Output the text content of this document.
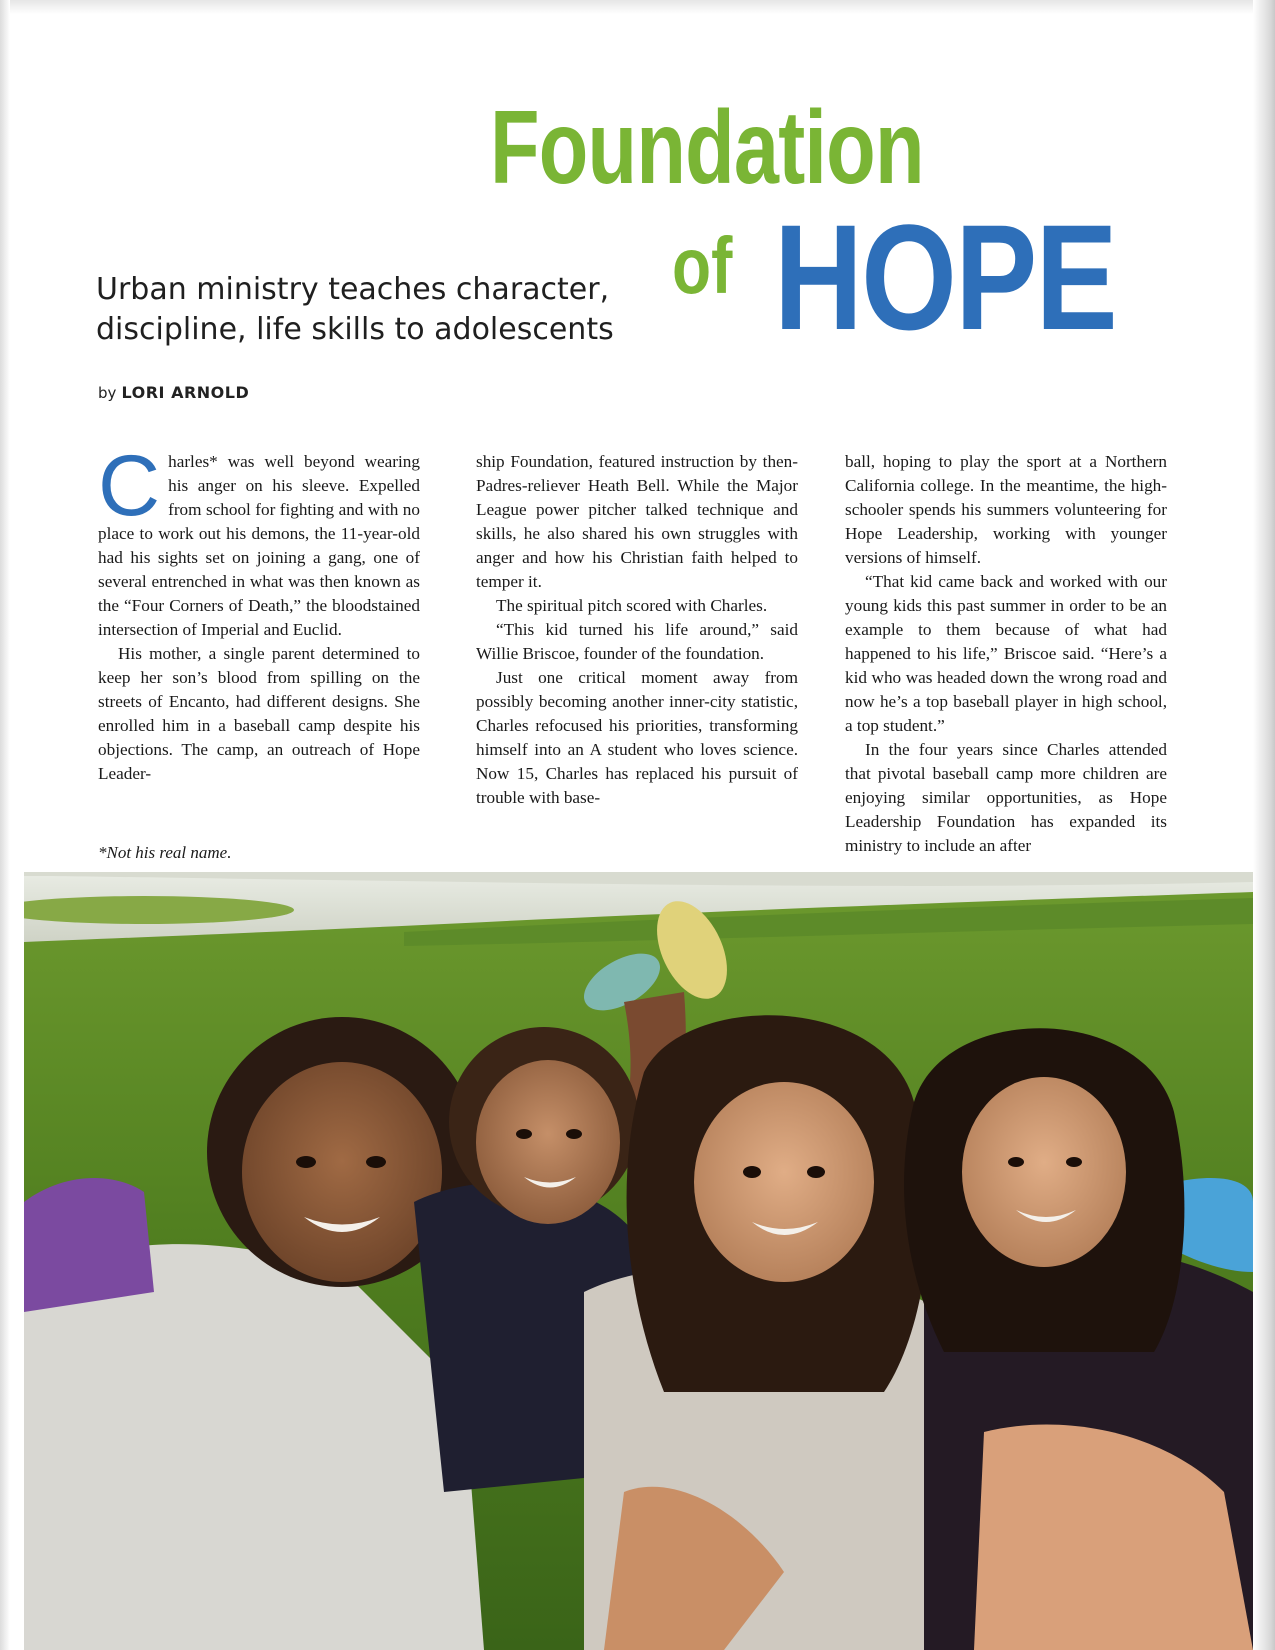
Foundation
of HOPE
Urban ministry teaches character, discipline, life skills to adolescents
by LORI ARNOLD

Charles* was well beyond wearing his anger on his sleeve. Expelled from school for fighting and with no place to work out his demons, the 11-year-old had his sights set on joining a gang, one of several entrenched in what was then known as the “Four Corners of Death,” the bloodstained intersection of Imperial and Euclid.

His mother, a single parent determined to keep her son’s blood from spilling on the streets of Encanto, had different designs. She enrolled him in a baseball camp despite his objections. The camp, an outreach of Hope Leader-

ship Foundation, featured instruction by then-Padres-reliever Heath Bell. While the Major League power pitcher talked technique and skills, he also shared his own struggles with anger and how his Christian faith helped to temper it.

The spiritual pitch scored with Charles.

“This kid turned his life around,” said Willie Briscoe, founder of the foundation.

Just one critical moment away from possibly becoming another inner-city statistic, Charles refocused his priorities, transforming himself into an A student who loves science. Now 15, Charles has replaced his pursuit of trouble with base-

ball, hoping to play the sport at a Northern California college. In the meantime, the high-schooler spends his summers volunteering for Hope Leadership, working with younger versions of himself.

“That kid came back and worked with our young kids this past summer in order to be an example to them because of what had happened to his life,” Briscoe said. “Here’s a kid who was headed down the wrong road and now he’s a top baseball player in high school, a top student.”

In the four years since Charles attended that pivotal baseball camp more children are enjoying similar opportunities, as Hope Leadership Foundation has expanded its ministry to include an after

*Not his real name.
